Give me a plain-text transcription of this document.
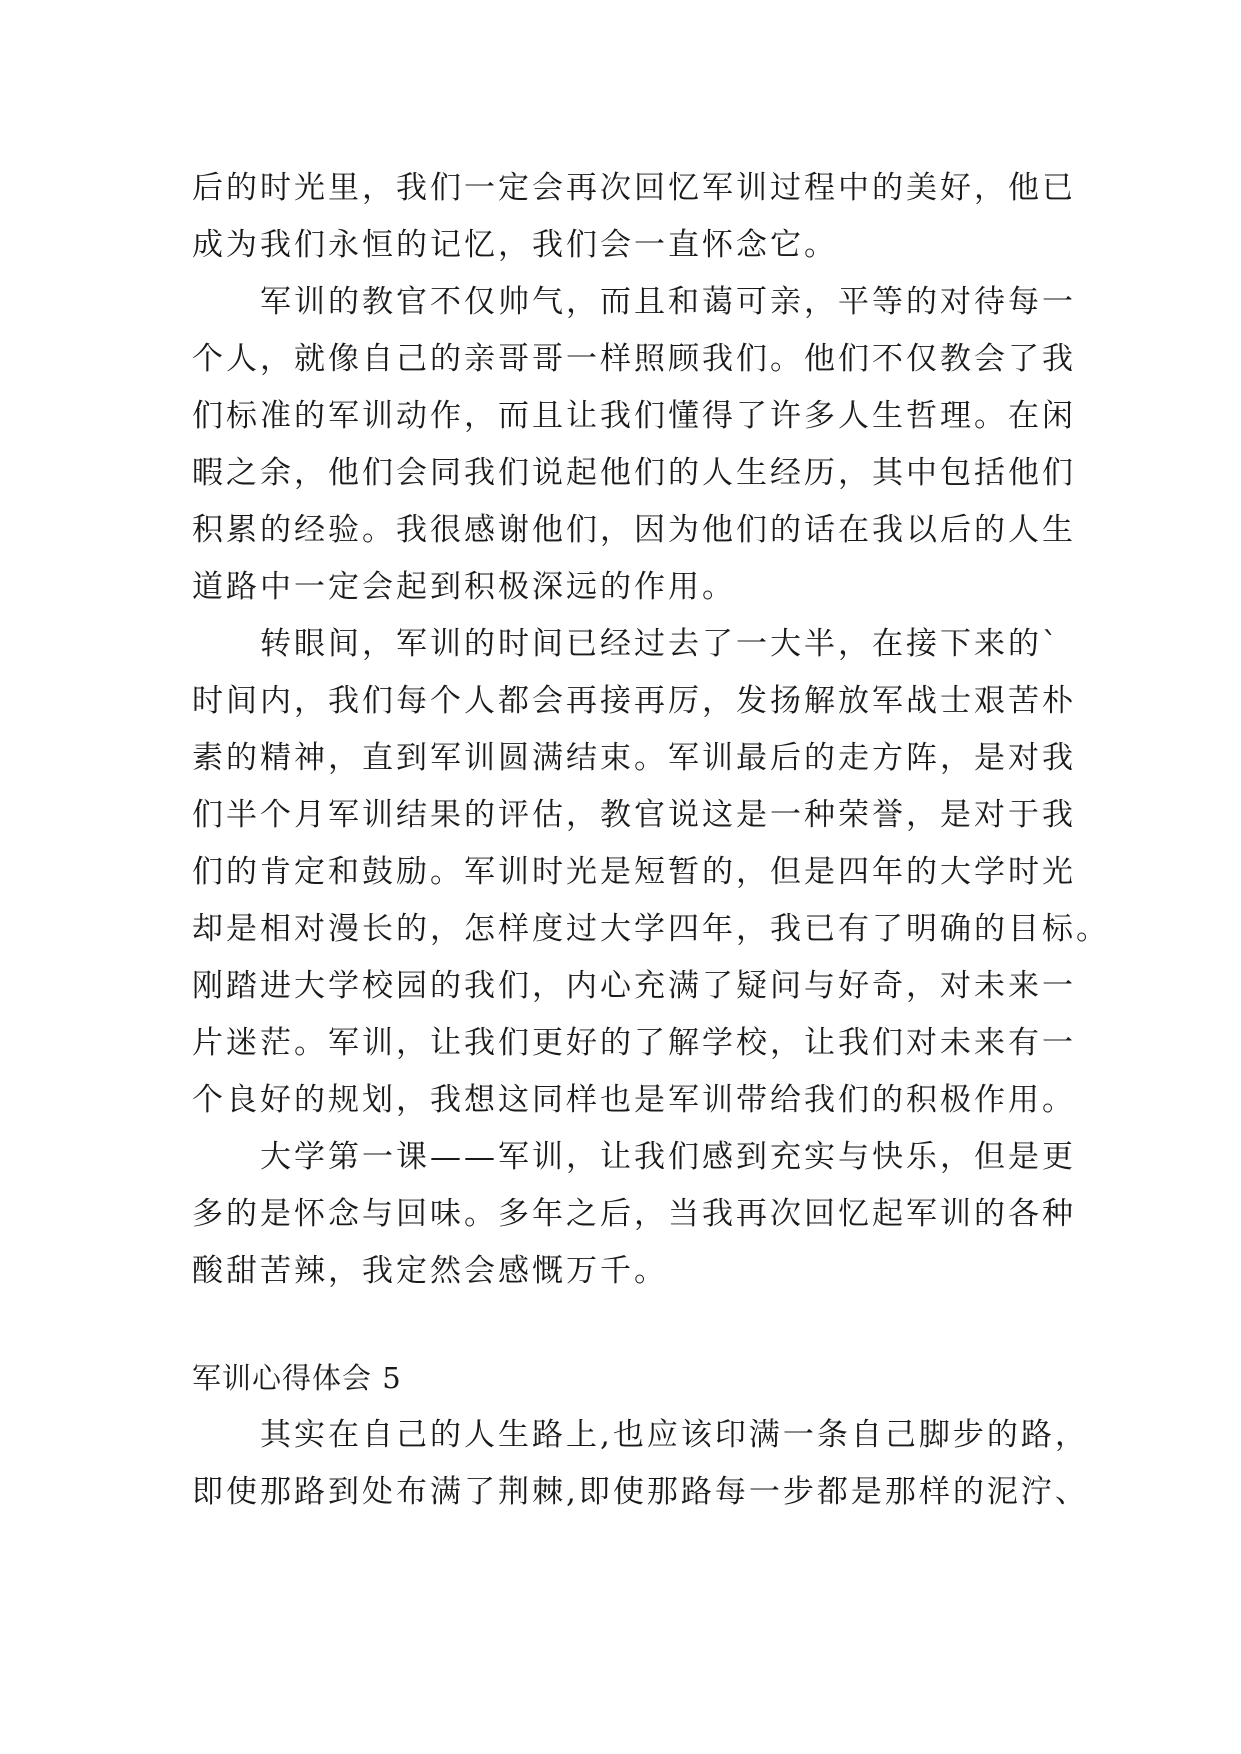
后的时光里，我们一定会再次回忆军训过程中的美好，他已
成为我们永恒的记忆，我们会一直怀念它。
军训的教官不仅帅气，而且和蔼可亲，平等的对待每一
个人，就像自己的亲哥哥一样照顾我们。他们不仅教会了我
们标准的军训动作，而且让我们懂得了许多人生哲理。在闲
暇之余，他们会同我们说起他们的人生经历，其中包括他们
积累的经验。我很感谢他们，因为他们的话在我以后的人生
道路中一定会起到积极深远的作用。
转眼间，军训的时间已经过去了一大半，在接下来的`
时间内，我们每个人都会再接再厉，发扬解放军战士艰苦朴
素的精神，直到军训圆满结束。军训最后的走方阵，是对我
们半个月军训结果的评估，教官说这是一种荣誉，是对于我
们的肯定和鼓励。军训时光是短暂的，但是四年的大学时光
却是相对漫长的，怎样度过大学四年，我已有了明确的目标。
刚踏进大学校园的我们，内心充满了疑问与好奇，对未来一
片迷茫。军训，让我们更好的了解学校，让我们对未来有一
个良好的规划，我想这同样也是军训带给我们的积极作用。
大学第一课——军训，让我们感到充实与快乐，但是更
多的是怀念与回味。多年之后，当我再次回忆起军训的各种
酸甜苦辣，我定然会感慨万千。
军训心得体会 5
其实在自己的人生路上,也应该印满一条自己脚步的路，
即使那路到处布满了荆棘,即使那路每一步都是那样的泥泞、
